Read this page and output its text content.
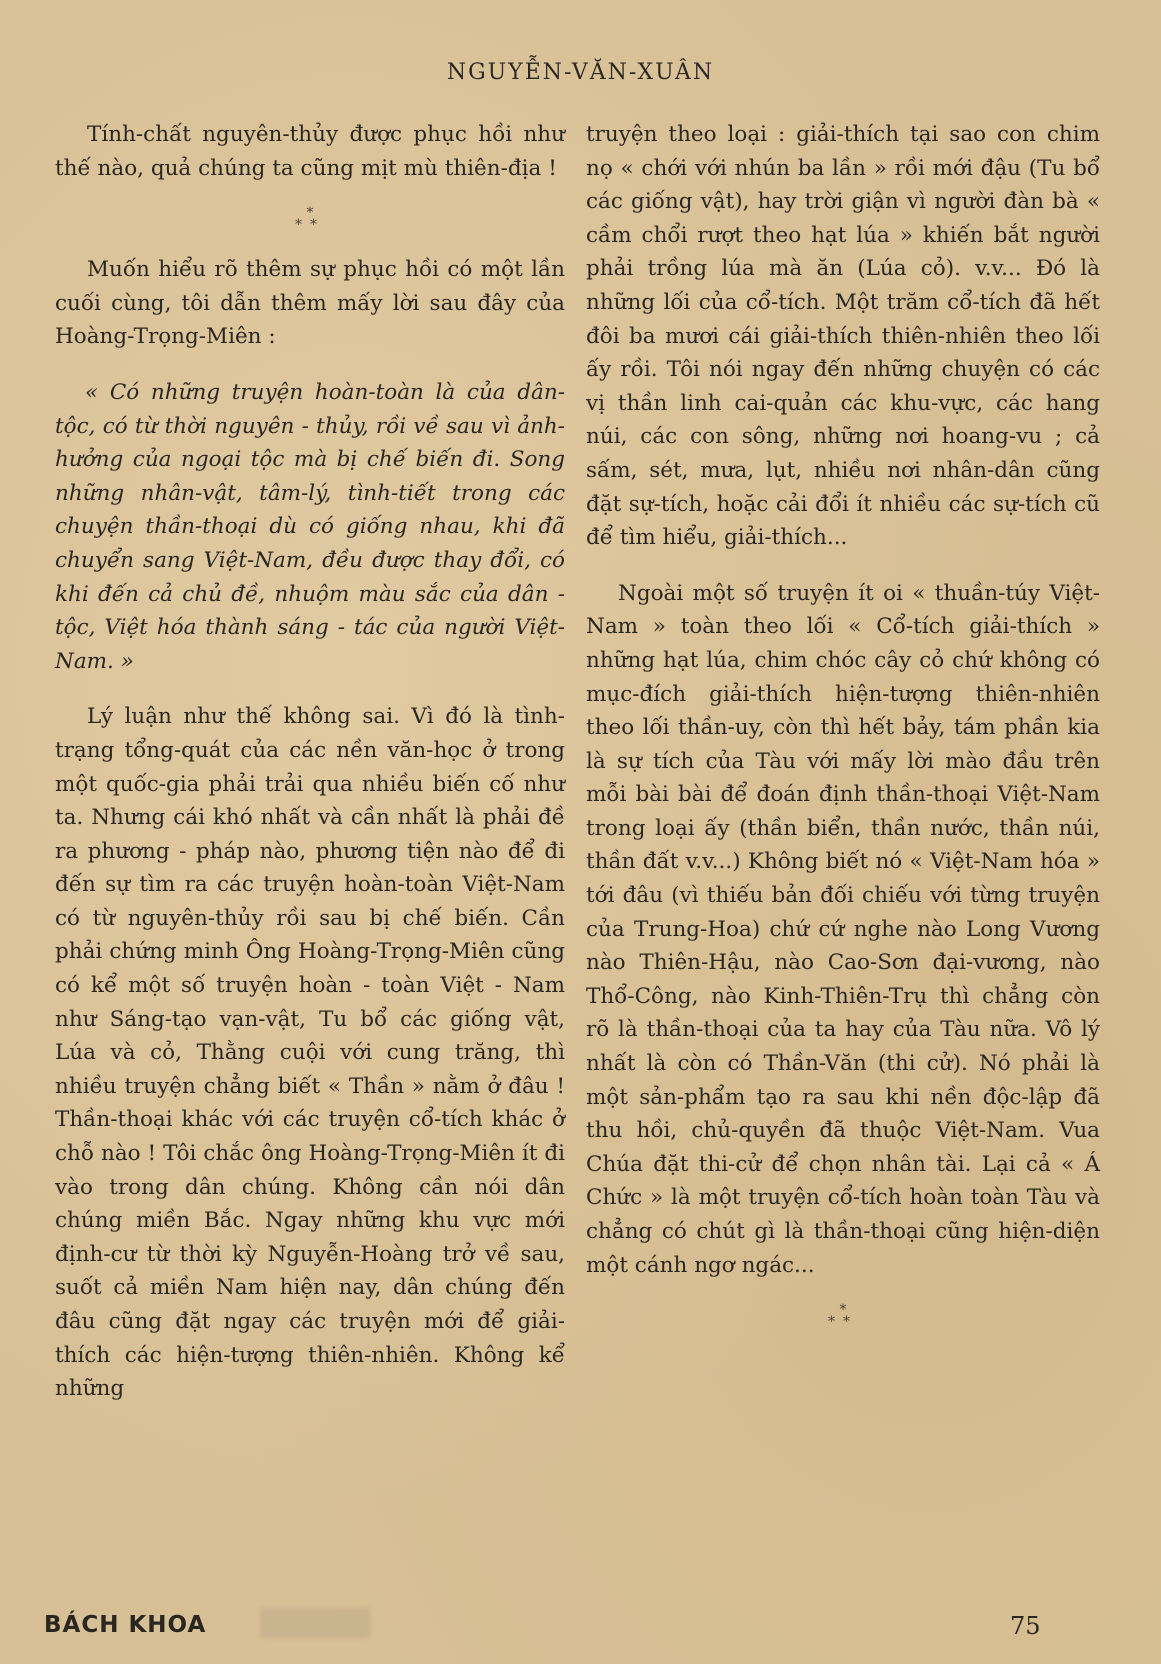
NGUYỄN-VĂN-XUÂN

Tính-chất nguyên-thủy được phục hồi như thế nào, quả chúng ta cũng mịt mù thiên-địa !

*
**

Muốn hiểu rõ thêm sự phục hồi có một lần cuối cùng, tôi dẫn thêm mấy lời sau đây của Hoàng-Trọng-Miên :

« Có những truyện hoàn-toàn là của dân-tộc, có từ thời nguyên - thủy, rồi về sau vì ảnh-hưởng của ngoại tộc mà bị chế biến đi. Song những nhân-vật, tâm-lý, tình-tiết trong các chuyện thần-thoại dù có giống nhau, khi đã chuyển sang Việt-Nam, đều được thay đổi, có khi đến cả chủ đề, nhuộm màu sắc của dân - tộc, Việt hóa thành sáng - tác của người Việt-Nam. »

Lý luận như thế không sai. Vì đó là tình-trạng tổng-quát của các nền văn-học ở trong một quốc-gia phải trải qua nhiều biến cố như ta. Nhưng cái khó nhất và cần nhất là phải đề ra phương - pháp nào, phương tiện nào để đi đến sự tìm ra các truyện hoàn-toàn Việt-Nam có từ nguyên-thủy rồi sau bị chế biến. Cần phải chứng minh Ông Hoàng-Trọng-Miên cũng có kể một số truyện hoàn - toàn Việt - Nam như Sáng-tạo vạn-vật, Tu bổ các giống vật, Lúa và cỏ, Thằng cuội với cung trăng, thì nhiều truyện chẳng biết « Thần » nằm ở đâu ! Thần-thoại khác với các truyện cổ-tích khác ở chỗ nào ! Tôi chắc ông Hoàng-Trọng-Miên ít đi vào trong dân chúng. Không cần nói dân chúng miền Bắc. Ngay những khu vực mới định-cư từ thời kỳ Nguyễn-Hoàng trở về sau, suốt cả miền Nam hiện nay, dân chúng đến đâu cũng đặt ngay các truyện mới để giải-thích các hiện-tượng thiên-nhiên. Không kể những

truyện theo loại : giải-thích tại sao con chim nọ « chới với nhún ba lần » rồi mới đậu (Tu bổ các giống vật), hay trời giận vì người đàn bà « cầm chổi rượt theo hạt lúa » khiến bắt người phải trồng lúa mà ăn (Lúa cỏ). v.v... Đó là những lối của cổ-tích. Một trăm cổ-tích đã hết đôi ba mươi cái giải-thích thiên-nhiên theo lối ấy rồi. Tôi nói ngay đến những chuyện có các vị thần linh cai-quản các khu-vực, các hang núi, các con sông, những nơi hoang-vu ; cả sấm, sét, mưa, lụt, nhiều nơi nhân-dân cũng đặt sự-tích, hoặc cải đổi ít nhiều các sự-tích cũ để tìm hiểu, giải-thích...

Ngoài một số truyện ít oi « thuần-túy Việt-Nam » toàn theo lối « Cổ-tích giải-thích » những hạt lúa, chim chóc cây cỏ chứ không có mục-đích giải-thích hiện-tượng thiên-nhiên theo lối thần-uy, còn thì hết bảy, tám phần kia là sự tích của Tàu với mấy lời mào đầu trên mỗi bài bài để đoán định thần-thoại Việt-Nam trong loại ấy (thần biển, thần nước, thần núi, thần đất v.v...) Không biết nó « Việt-Nam hóa » tới đâu (vì thiếu bản đối chiếu với từng truyện của Trung-Hoa) chứ cứ nghe nào Long Vương nào Thiên-Hậu, nào Cao-Sơn đại-vương, nào Thổ-Công, nào Kinh-Thiên-Trụ thì chẳng còn rõ là thần-thoại của ta hay của Tàu nữa. Vô lý nhất là còn có Thần-Văn (thi cử). Nó phải là một sản-phẩm tạo ra sau khi nền độc-lập đã thu hồi, chủ-quyền đã thuộc Việt-Nam. Vua Chúa đặt thi-cử để chọn nhân tài. Lại cả « Á Chức » là một truyện cổ-tích hoàn toàn Tàu và chẳng có chút gì là thần-thoại cũng hiện-diện một cánh ngơ ngác...

*
**
BÁCH KHOA	75
